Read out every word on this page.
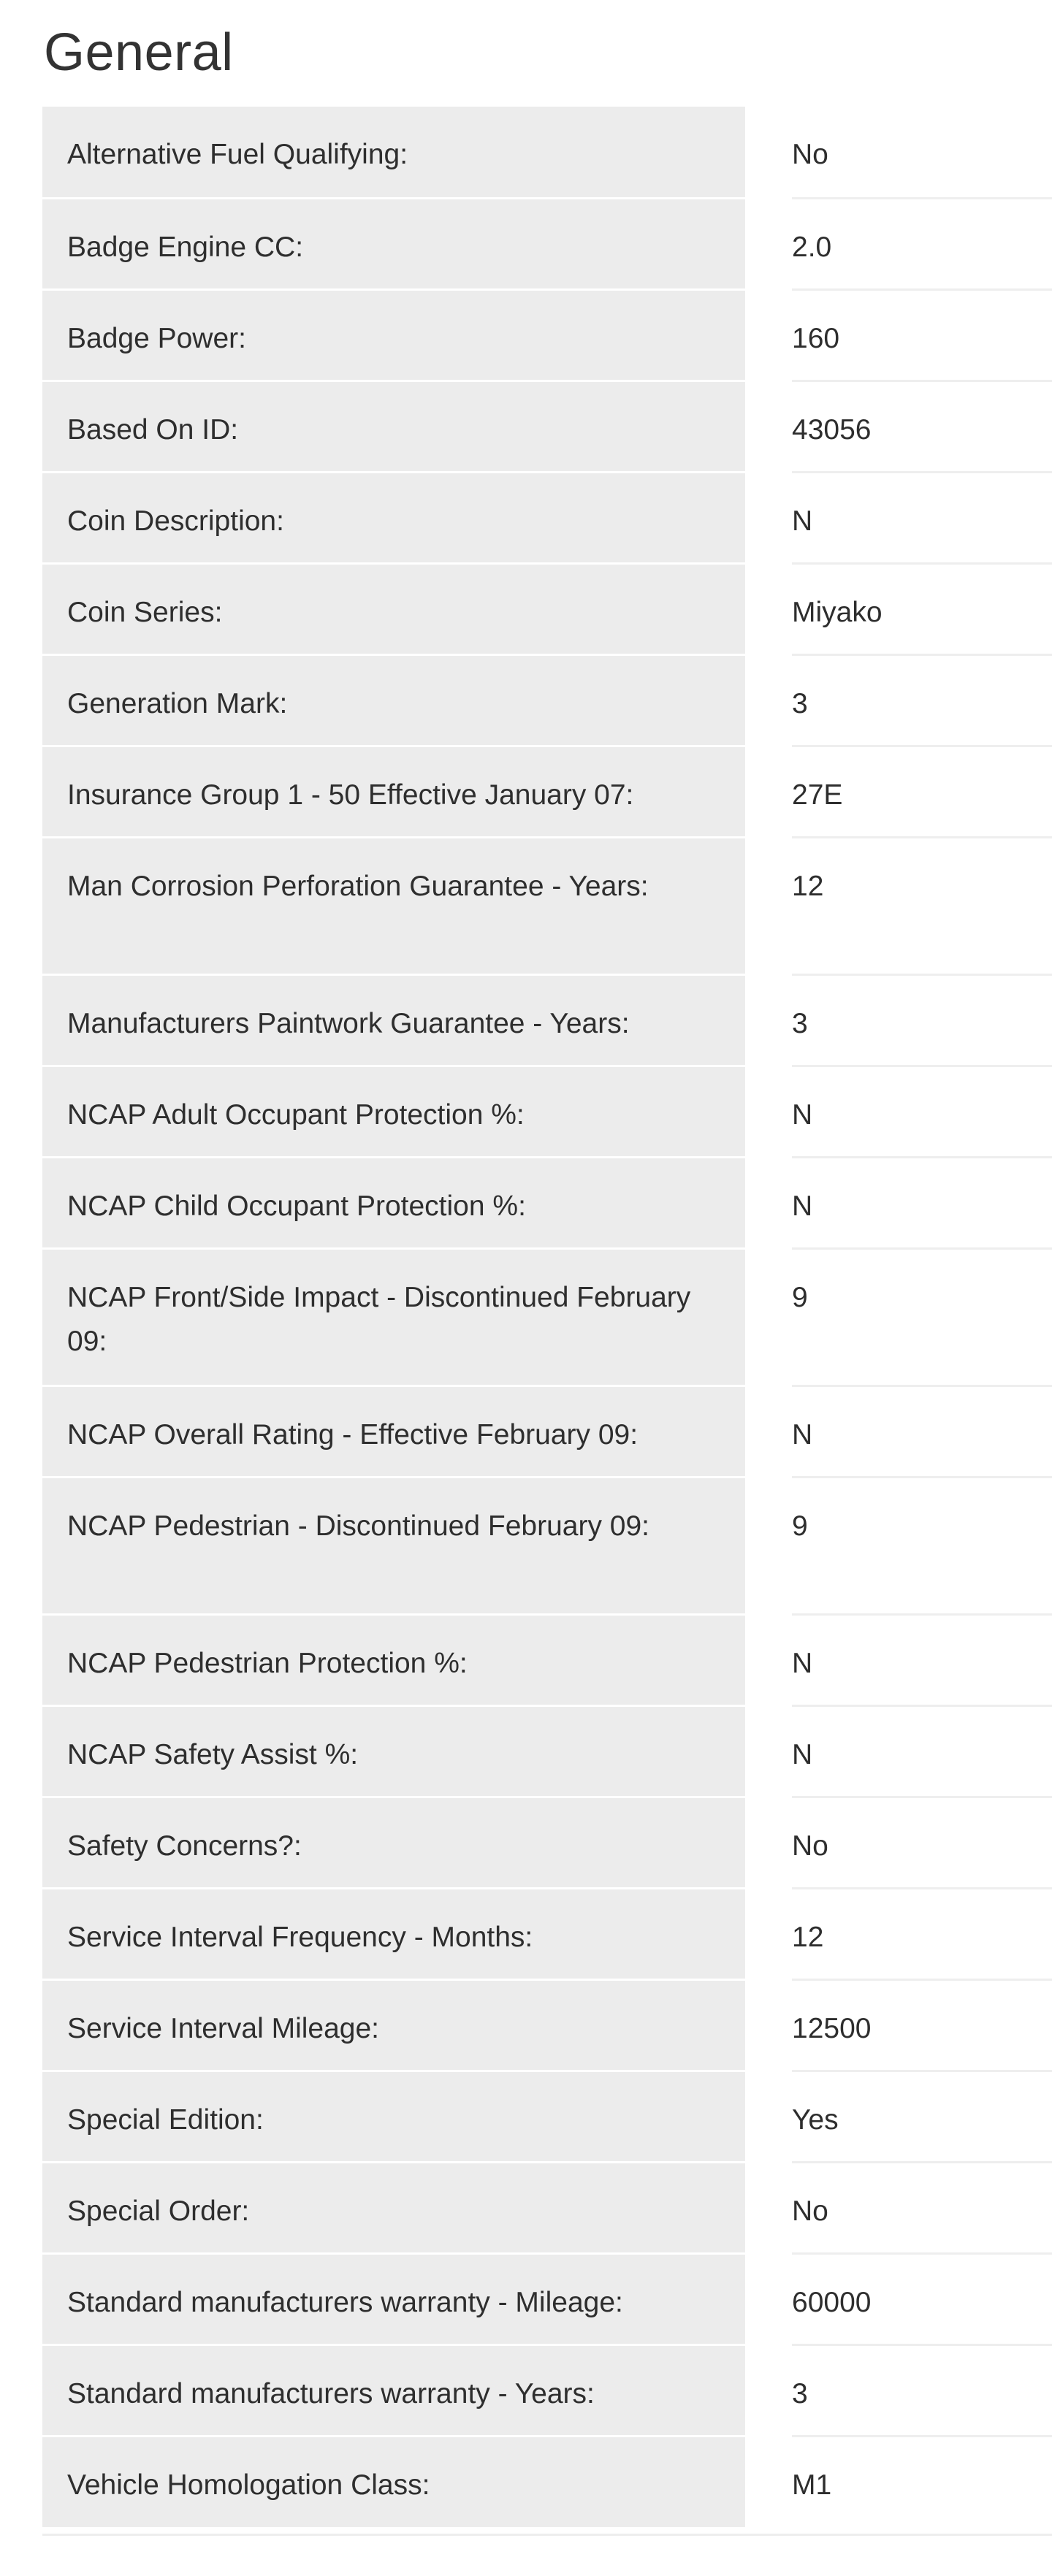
General
Alternative Fuel Qualifying:		No
Badge Engine CC:		2.0
Badge Power:		160
Based On ID:		43056
Coin Description:		N
Coin Series:		Miyako
Generation Mark:		3
Insurance Group 1 - 50 Effective January 07:		27E
Man Corrosion Perforation Guarantee - Years:		12
Manufacturers Paintwork Guarantee - Years:		3
NCAP Adult Occupant Protection %:		N
NCAP Child Occupant Protection %:		N
NCAP Front/Side Impact - Discontinued February 09:		9
NCAP Overall Rating - Effective February 09:		N
NCAP Pedestrian - Discontinued February 09:		9
NCAP Pedestrian Protection %:		N
NCAP Safety Assist %:		N
Safety Concerns?:		No
Service Interval Frequency - Months:		12
Service Interval Mileage:		12500
Special Edition:		Yes
Special Order:		No
Standard manufacturers warranty - Mileage:		60000
Standard manufacturers warranty - Years:		3
Vehicle Homologation Class:		M1
